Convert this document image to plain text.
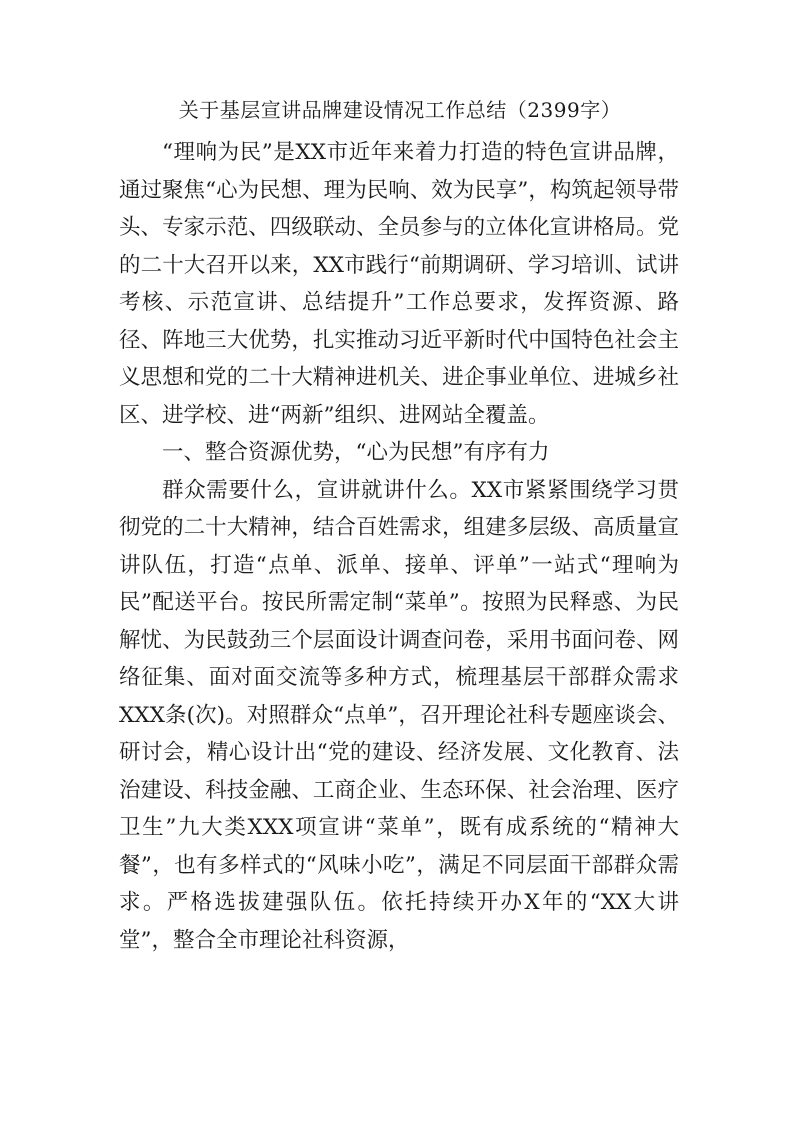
关于基层宣讲品牌建设情况工作总结（2399字）

“理响为民”是XX市近年来着力打造的特色宣讲品牌，通过聚焦“心为民想、理为民响、效为民享”，构筑起领导带头、专家示范、四级联动、全员参与的立体化宣讲格局。党的二十大召开以来，XX市践行“前期调研、学习培训、试讲考核、示范宣讲、总结提升”工作总要求，发挥资源、路径、阵地三大优势，扎实推动习近平新时代中国特色社会主义思想和党的二十大精神进机关、进企事业单位、进城乡社区、进学校、进“两新”组织、进网站全覆盖。

一、整合资源优势，“心为民想”有序有力

群众需要什么，宣讲就讲什么。XX市紧紧围绕学习贯彻党的二十大精神，结合百姓需求，组建多层级、高质量宣讲队伍，打造“点单、派单、接单、评单”一站式“理响为民”配送平台。按民所需定制“菜单”。按照为民释惑、为民解忧、为民鼓劲三个层面设计调查问卷，采用书面问卷、网络征集、面对面交流等多种方式，梳理基层干部群众需求XXX条(次)。对照群众“点单”，召开理论社科专题座谈会、研讨会，精心设计出“党的建设、经济发展、文化教育、法治建设、科技金融、工商企业、生态环保、社会治理、医疗卫生”九大类XXX项宣讲“菜单”，既有成系统的“精神大餐”，也有多样式的“风味小吃”，满足不同层面干部群众需求。严格选拔建强队伍。依托持续开办X年的“XX大讲堂”，整合全市理论社科资源，
